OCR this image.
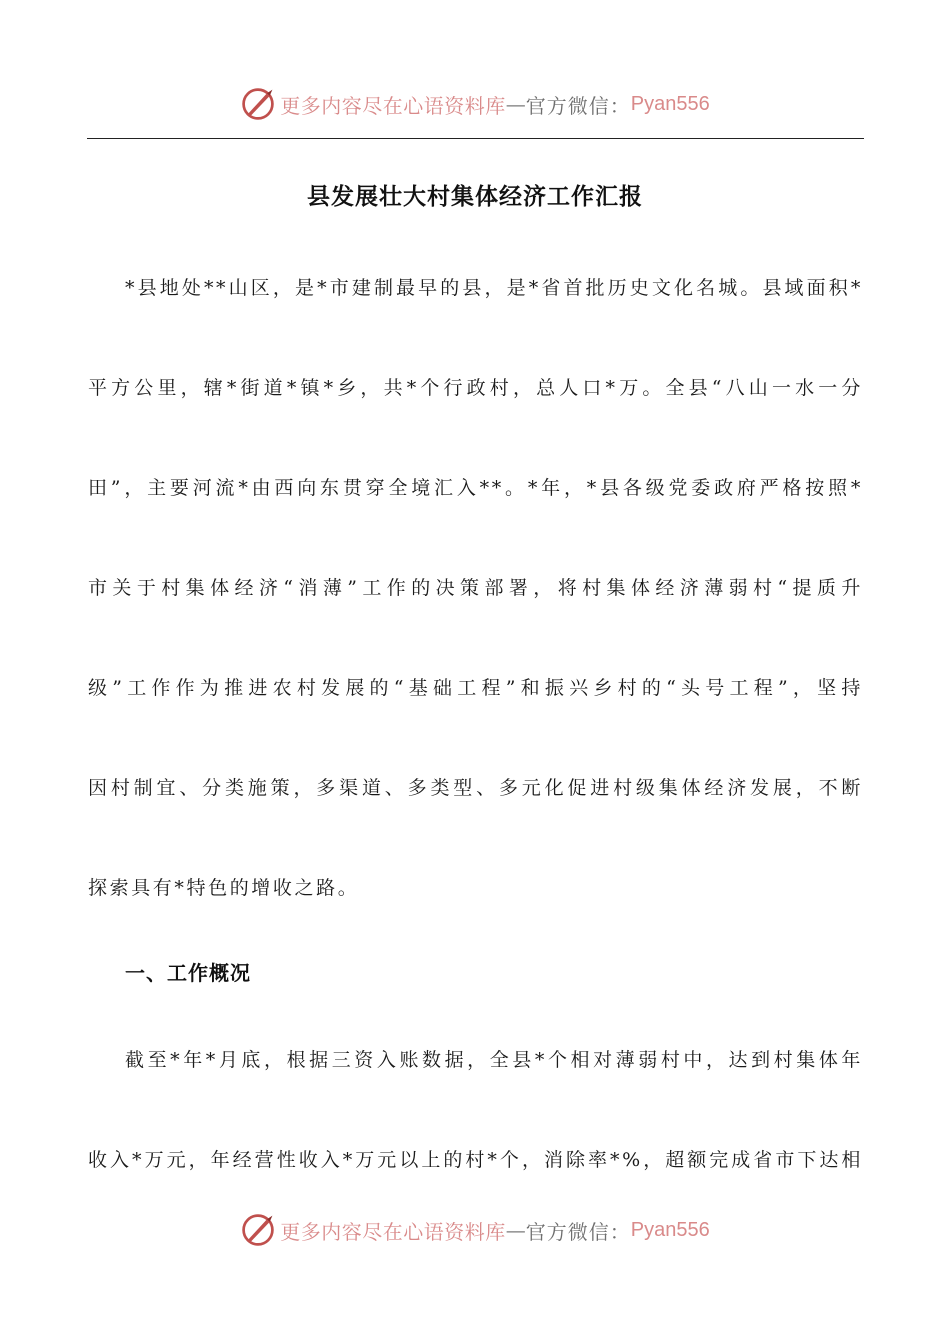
更多内容尽在心语资料库 — 官方微信： Pyan556
县发展壮大村集体经济工作汇报
*县地处**山区，是*市建制最早的县，是*省首批历史文化名城。县域面积*
平方公里，辖*街道*镇*乡，共*个行政村，总人口*万。全县“八山一水一分
田”，主要河流*由西向东贯穿全境汇入**。*年，*县各级党委政府严格按照*
市关于村集体经济“消薄”工作的决策部署，将村集体经济薄弱村“提质升
级”工作作为推进农村发展的“基础工程”和振兴乡村的“头号工程”，坚持
因村制宜、分类施策，多渠道、多类型、多元化促进村级集体经济发展，不断
探索具有*特色的增收之路。
一、工作概况
截至*年*月底，根据三资入账数据，全县*个相对薄弱村中，达到村集体年
收入*万元，年经营性收入*万元以上的村*个，消除率*%，超额完成省市下达相
更多内容尽在心语资料库 — 官方微信： Pyan556
